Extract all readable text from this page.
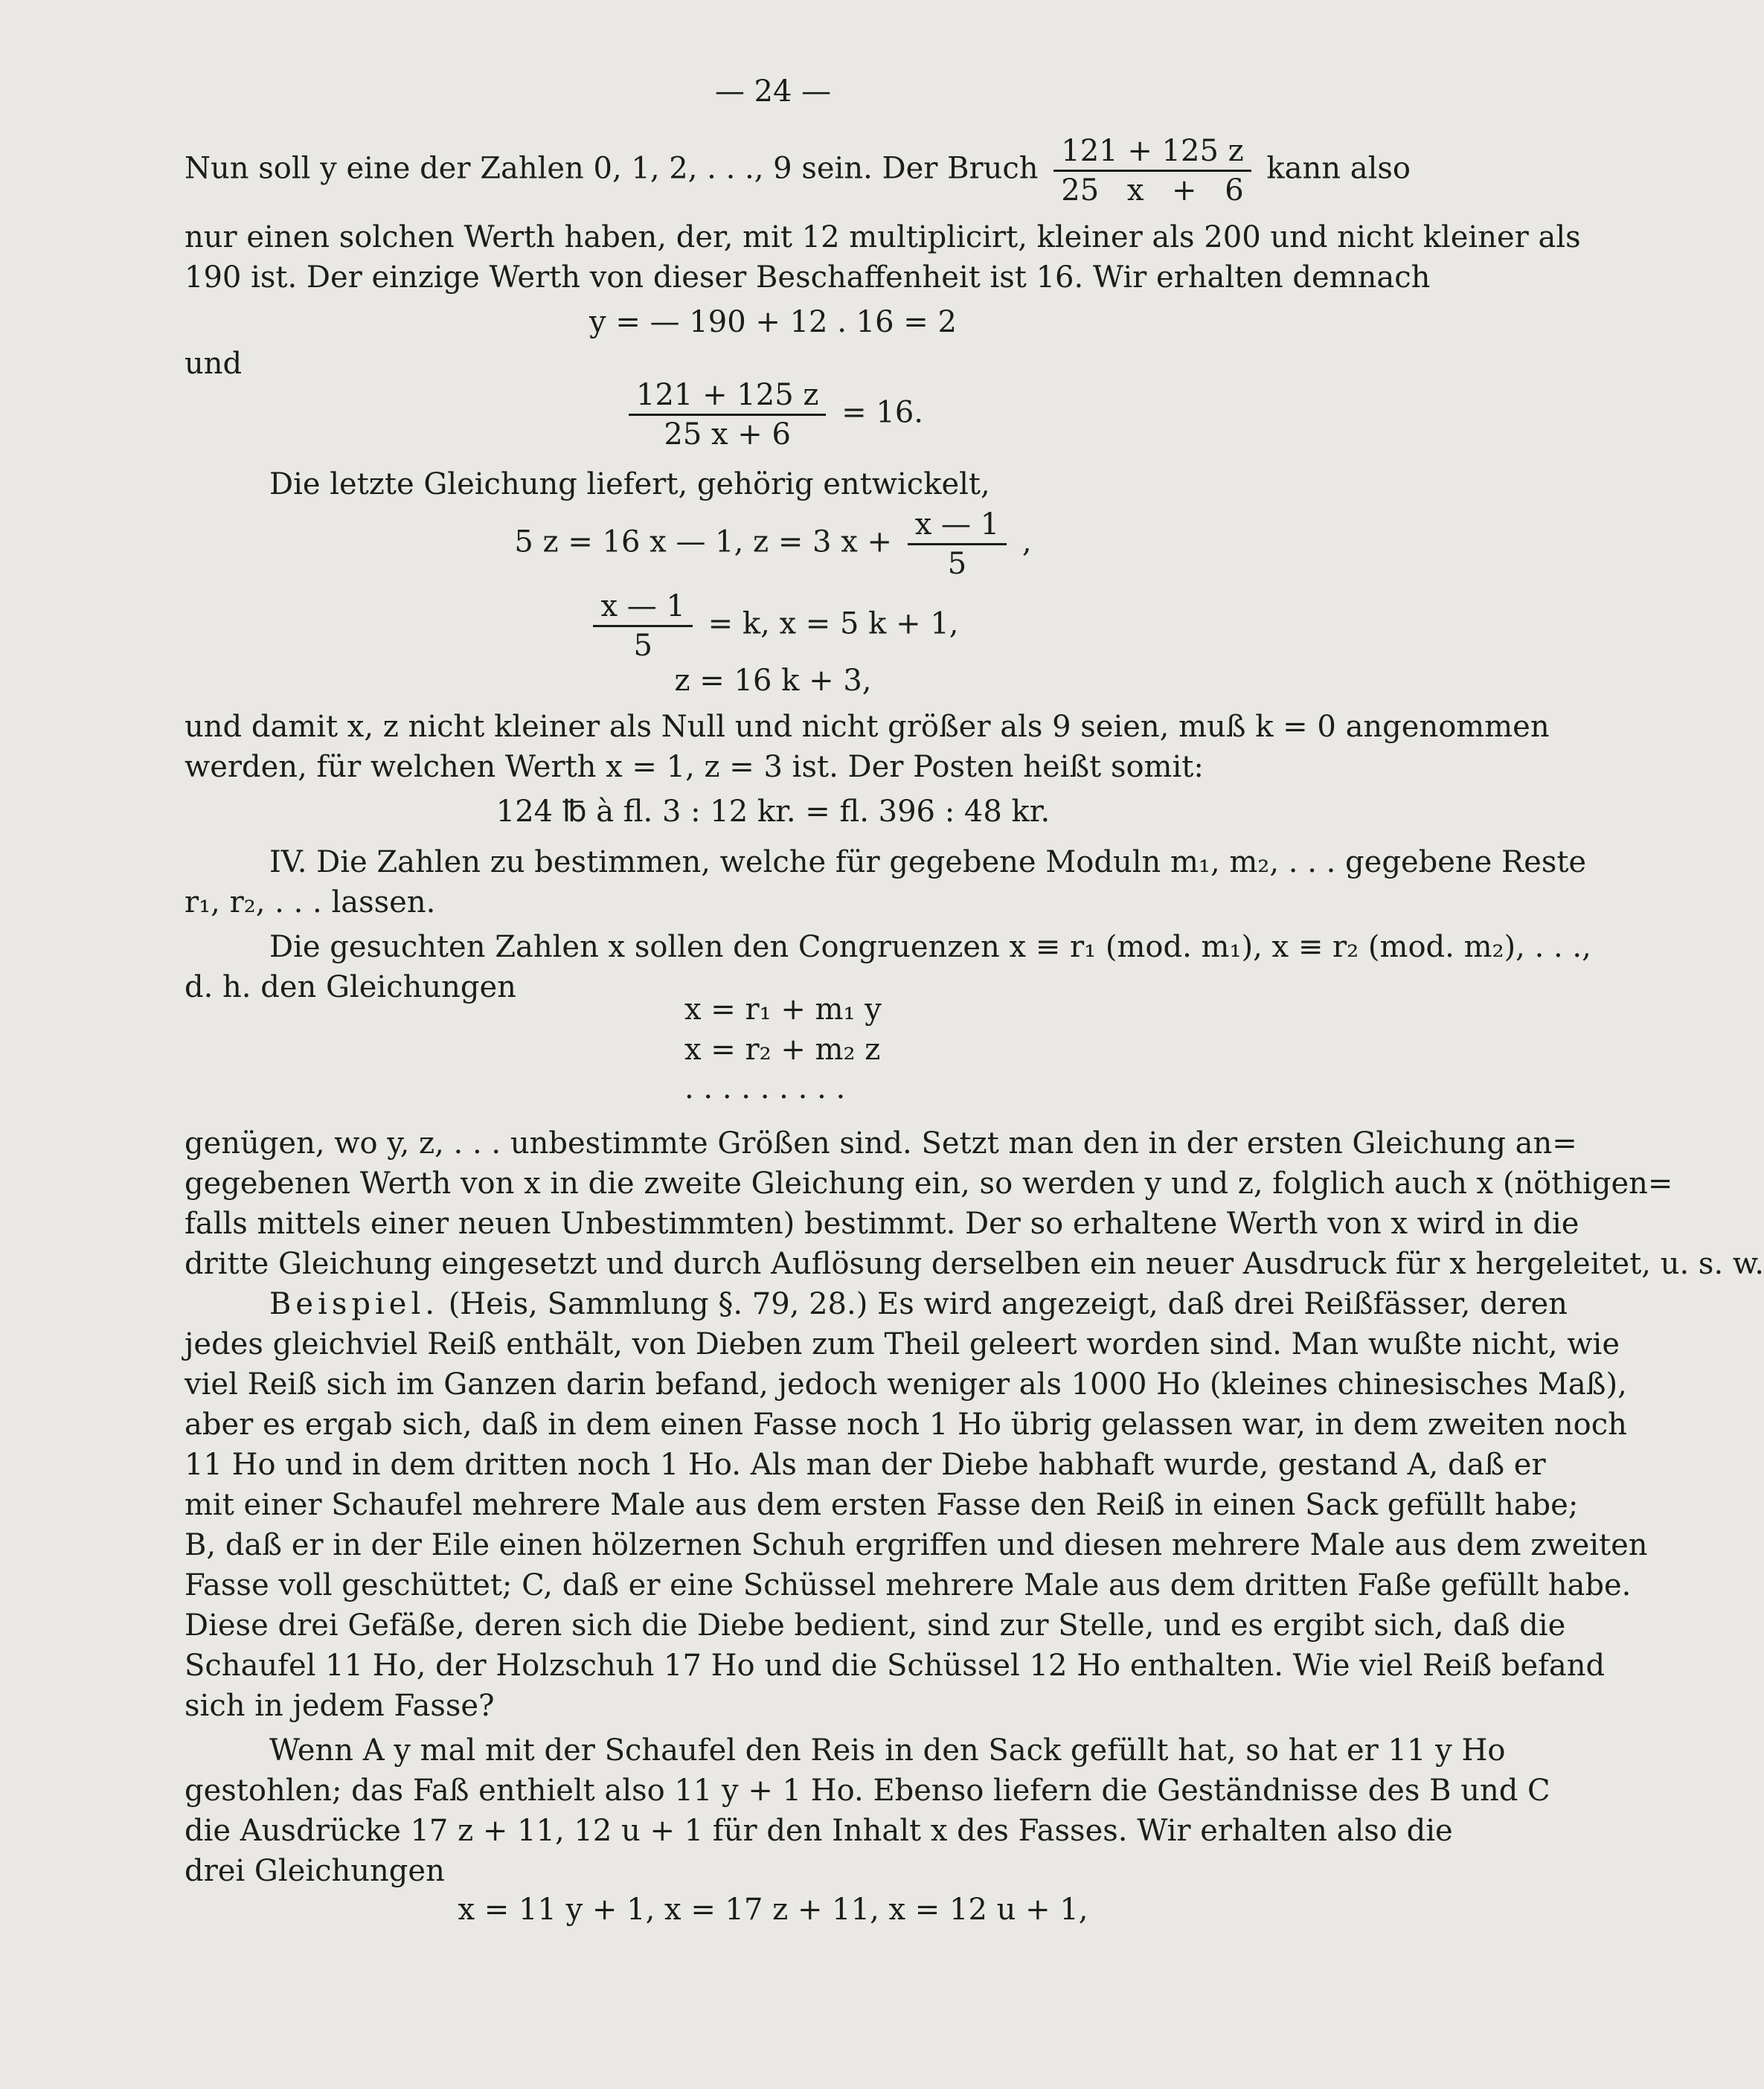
— 24 —
Nun soll y eine der Zahlen 0, 1, 2, . . ., 9 sein. Der Bruch $\frac{121 + 125 z}{25 x + 6}$ kann also
nur einen solchen Werth haben, der, mit 12 multiplicirt, kleiner als 200 und nicht kleiner als
190 ist. Der einzige Werth von dieser Beschaffenheit ist 16. Wir erhalten demnach
y = — 190 + 12 . 16 = 2
und
$\frac{121 + 125 z}{25 x + 6} = 16$.
Die letzte Gleichung liefert, gehörig entwickelt,
5 z = 16 x — 1, z = 3 $x + \frac{x — 1}{5}$ ,
$\frac{x — 1}{5} = k$, x = 5 k + 1,
z = 16 k + 3,
und damit x, z nicht kleiner als Null und nicht größer als 9 seien, muß k = 0 angenommen
werden, für welchen Werth x = 1, z = 3 ist. Der Posten heißt somit:
124 ℔ à fl. 3 : 12 kr. = fl. 396 : 48 kr.
IV. Die Zahlen zu bestimmen, welche für gegebene Moduln m₁, m₂, . . . gegebene Reste
r₁, r₂, . . . lassen.
Die gesuchten Zahlen x sollen den Congruenzen x ≡ r₁ (mod. m₁), x ≡ r₂ (mod. m₂), . . .,
d. h. den Gleichungen
x = r₁ + m₁ y
x = r₂ + m₂ z
. . . . . . . . .
genügen, wo y, z, . . . unbestimmte Größen sind. Setzt man den in der ersten Gleichung an=
gegebenen Werth von x in die zweite Gleichung ein, so werden y und z, folglich auch x (nöthigen=
falls mittels einer neuen Unbestimmten) bestimmt. Der so erhaltene Werth von x wird in die
dritte Gleichung eingesetzt und durch Auflösung derselben ein neuer Ausdruck für x hergeleitet, u. s. w.
Beispiel. (Heis, Sammlung §. 79, 28.) Es wird angezeigt, daß drei Reißfässer, deren
jedes gleichviel Reiß enthält, von Dieben zum Theil geleert worden sind. Man wußte nicht, wie
viel Reiß sich im Ganzen darin befand, jedoch weniger als 1000 Ho (kleines chinesisches Maß),
aber es ergab sich, daß in dem einen Fasse noch 1 Ho übrig gelassen war, in dem zweiten noch
11 Ho und in dem dritten noch 1 Ho. Als man der Diebe habhaft wurde, gestand A, daß er
mit einer Schaufel mehrere Male aus dem ersten Fasse den Reiß in einen Sack gefüllt habe;
B, daß er in der Eile einen hölzernen Schuh ergriffen und diesen mehrere Male aus dem zweiten
Fasse voll geschüttet; C, daß er eine Schüssel mehrere Male aus dem dritten Faße gefüllt habe.
Diese drei Gefäße, deren sich die Diebe bedient, sind zur Stelle, und es ergibt sich, daß die
Schaufel 11 Ho, der Holzschuh 17 Ho und die Schüssel 12 Ho enthalten. Wie viel Reiß befand
sich in jedem Fasse?
Wenn A y mal mit der Schaufel den Reis in den Sack gefüllt hat, so hat er 11 y Ho
gestohlen; das Faß enthielt also 11 y + 1 Ho. Ebenso liefern die Geständnisse des B und C
die Ausdrücke 17 z + 11, 12 u + 1 für den Inhalt x des Fasses. Wir erhalten also die
drei Gleichungen
x = 11 y + 1, x = 17 z + 11, x = 12 u + 1,
